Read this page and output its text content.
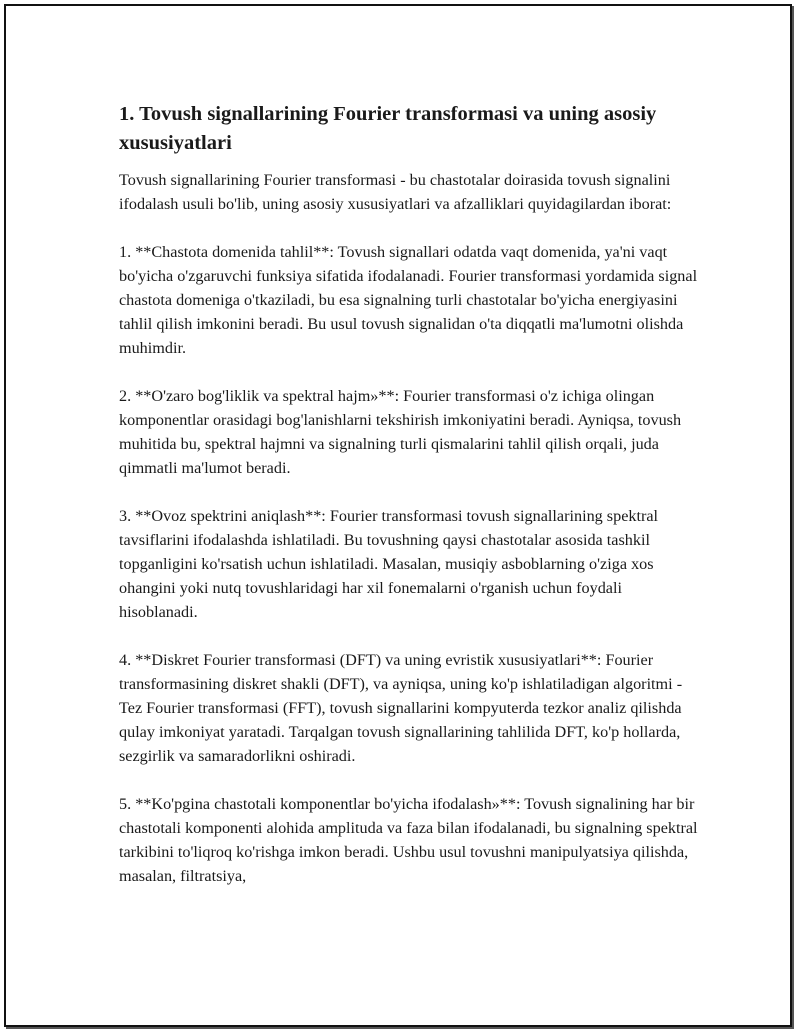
1. Tovush signallarining Fourier transformasi va uning asosiy xususiyatlari

Tovush signallarining Fourier transformasi - bu chastotalar doirasida tovush signalini ifodalash usuli bo'lib, uning asosiy xususiyatlari va afzalliklari quyidagilardan iborat:

1. **Chastota domenida tahlil**: Tovush signallari odatda vaqt domenida, ya'ni vaqt bo'yicha o'zgaruvchi funksiya sifatida ifodalanadi. Fourier transformasi yordamida signal chastota domeniga o'tkaziladi, bu esa signalning turli chastotalar bo'yicha energiyasini tahlil qilish imkonini beradi. Bu usul tovush signalidan o'ta diqqatli ma'lumotni olishda muhimdir.

2. **O'zaro bog'liklik va spektral hajm»**: Fourier transformasi o'z ichiga olingan komponentlar orasidagi bog'lanishlarni tekshirish imkoniyatini beradi. Ayniqsa, tovush muhitida bu, spektral hajmni va signalning turli qismalarini tahlil qilish orqali, juda qimmatli ma'lumot beradi.

3. **Ovoz spektrini aniqlash**: Fourier transformasi tovush signallarining spektral tavsiflarini ifodalashda ishlatiladi. Bu tovushning qaysi chastotalar asosida tashkil topganligini ko'rsatish uchun ishlatiladi. Masalan, musiqiy asboblarning o'ziga xos ohangini yoki nutq tovushlaridagi har xil fonemalarni o'rganish uchun foydali hisoblanadi.

4. **Diskret Fourier transformasi (DFT) va uning evristik xususiyatlari**: Fourier transformasining diskret shakli (DFT), va ayniqsa, uning ko'p ishlatiladigan algoritmi - Tez Fourier transformasi (FFT), tovush signallarini kompyuterda tezkor analiz qilishda qulay imkoniyat yaratadi. Tarqalgan tovush signallarining tahlilida DFT, ko'p hollarda, sezgirlik va samaradorlikni oshiradi.

5. **Ko'pgina chastotali komponentlar bo'yicha ifodalash»**: Tovush signalining har bir chastotali komponenti alohida amplituda va faza bilan ifodalanadi, bu signalning spektral tarkibini to'liqroq ko'rishga imkon beradi. Ushbu usul tovushni manipulyatsiya qilishda, masalan, filtratsiya,
